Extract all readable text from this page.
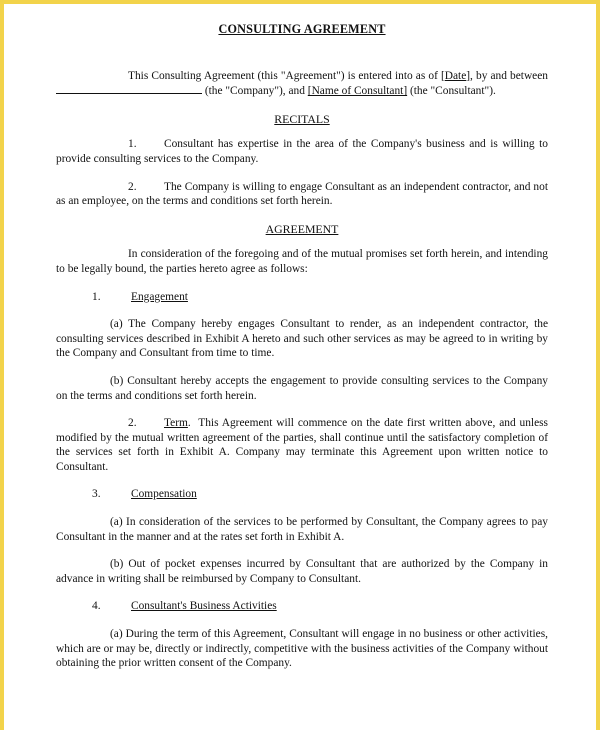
CONSULTING AGREEMENT

This Consulting Agreement (this "Agreement") is entered into as of [Date], by and between  (the "Company"), and [Name of Consultant] (the "Consultant").

RECITALS

1. Consultant has expertise in the area of the Company's business and is willing to provide consulting services to the Company.

2. The Company is willing to engage Consultant as an independent contractor, and not as an employee, on the terms and conditions set forth herein.

AGREEMENT

In consideration of the foregoing and of the mutual promises set forth herein, and intending to be legally bound, the parties hereto agree as follows:

1.	Engagement

(a) The Company hereby engages Consultant to render, as an independent contractor, the consulting services described in Exhibit A hereto and such other services as may be agreed to in writing by the Company and Consultant from time to time.

(b) Consultant hereby accepts the engagement to provide consulting services to the Company on the terms and conditions set forth herein.

2. Term.  This Agreement will commence on the date first written above, and unless modified by the mutual written agreement of the parties, shall continue until the satisfactory completion of the services set forth in Exhibit A. Company may terminate this Agreement upon written notice to Consultant.

3.	Compensation

(a) In consideration of the services to be performed by Consultant, the Company agrees to pay Consultant in the manner and at the rates set forth in Exhibit A.

(b) Out of pocket expenses incurred by Consultant that are authorized by the Company in advance in writing shall be reimbursed by Company to Consultant.

4.	Consultant's Business Activities

(a) During the term of this Agreement, Consultant will engage in no business or other activities, which are or may be, directly or indirectly, competitive with the business activities of the Company without obtaining the prior written consent of the Company.
